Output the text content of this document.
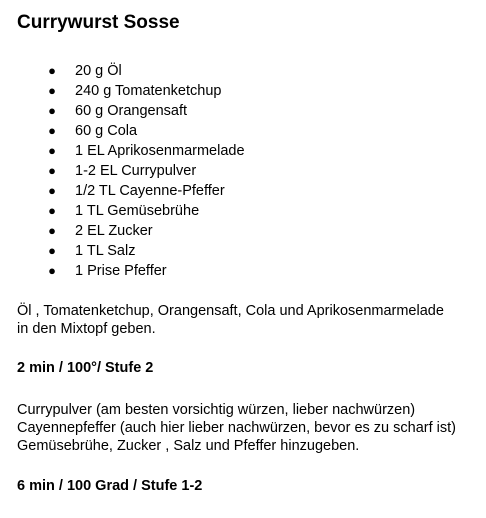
Currywurst Sosse
● 20 g Öl
● 240 g Tomatenketchup
● 60 g Orangensaft
● 60 g Cola
● 1 EL Aprikosenmarmelade
● 1-2 EL Currypulver
● 1/2 TL Cayenne-Pfeffer
● 1 TL Gemüsebrühe
● 2 EL Zucker
● 1 TL Salz
● 1 Prise Pfeffer
Öl , Tomatenketchup, Orangensaft, Cola und Aprikosenmarmelade
in den Mixtopf geben.
2 min / 100°/ Stufe 2
Currypulver (am besten vorsichtig würzen, lieber nachwürzen)
Cayennepfeffer (auch hier lieber nachwürzen, bevor es zu scharf ist)
Gemüsebrühe, Zucker , Salz und Pfeffer hinzugeben.
6 min / 100 Grad / Stufe 1-2
